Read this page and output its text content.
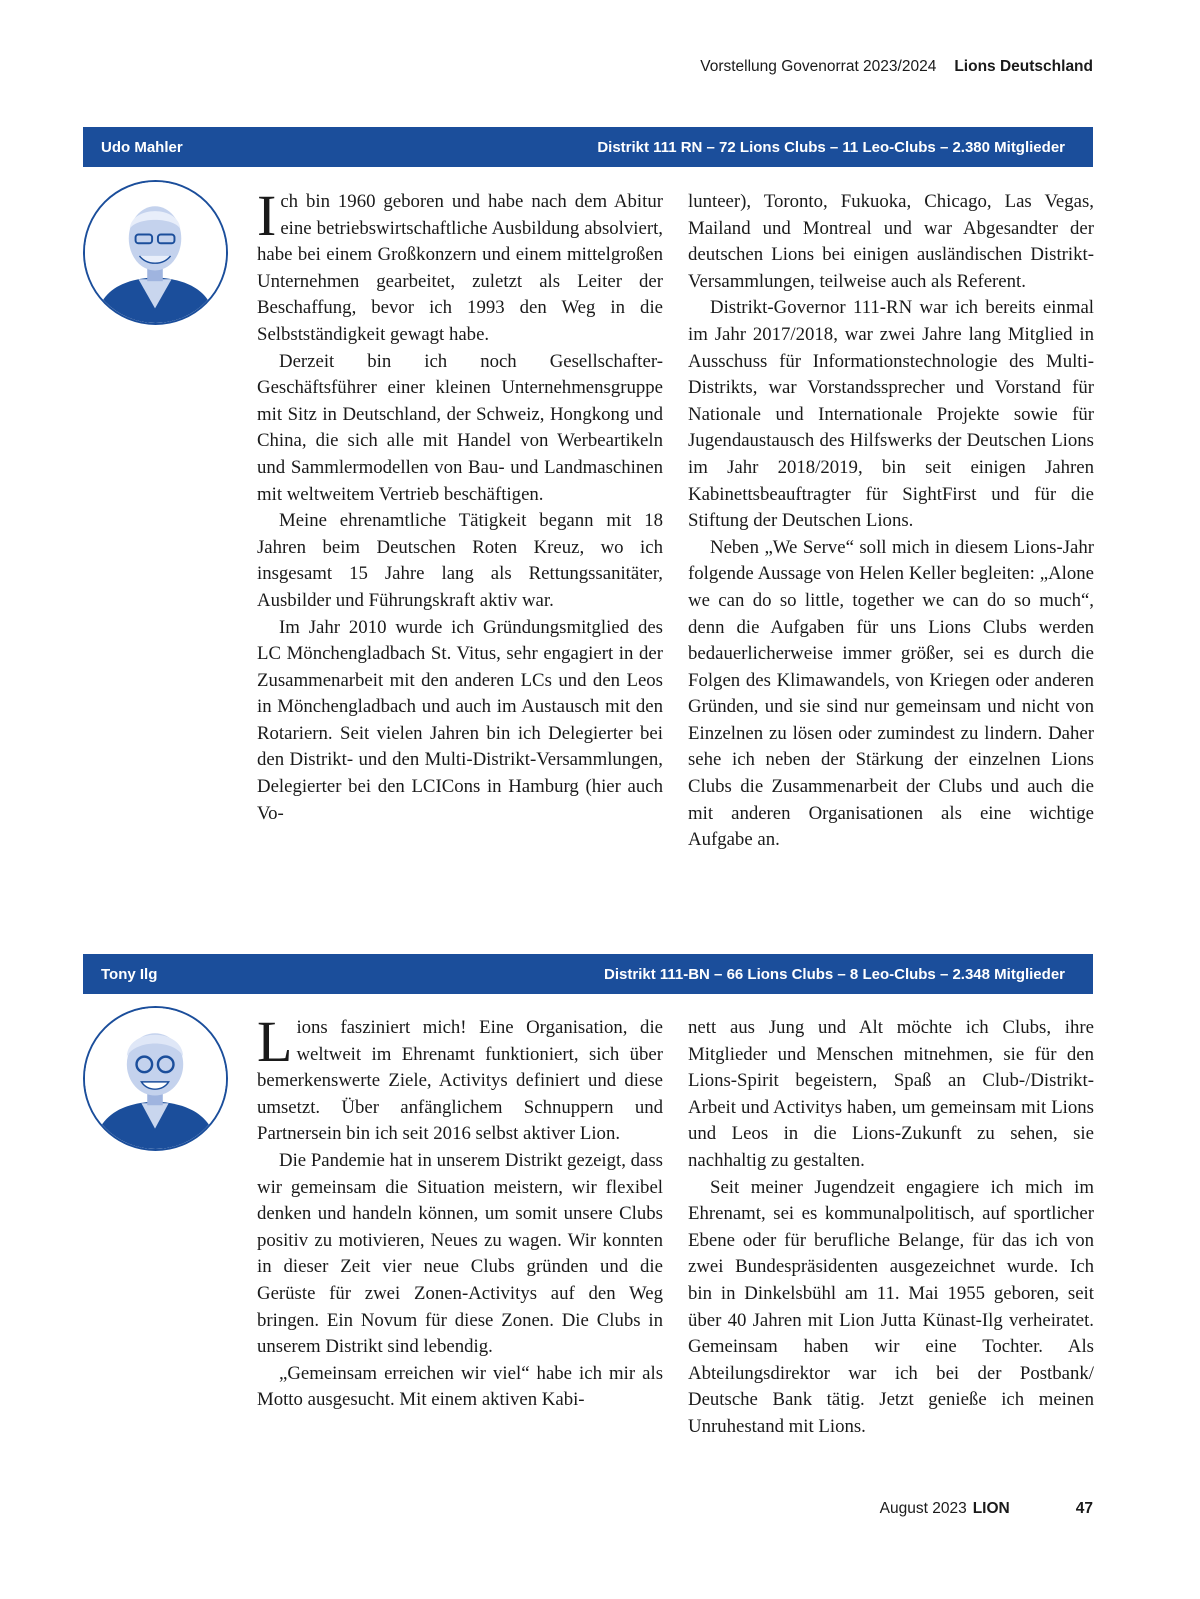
Vorstellung Govenorrat 2023/2024 Lions Deutschland
Udo Mahler	Distrikt 111 RN – 72 Lions Clubs – 11 Leo-Clubs – 2.380 Mitglieder

Ich bin 1960 geboren und habe nach dem Abitur eine betriebswirtschaftliche Ausbildung absolviert, habe bei einem Großkonzern und einem mittelgroßen Unternehmen gearbeitet, zuletzt als Leiter der Beschaffung, bevor ich 1993 den Weg in die Selbstständigkeit gewagt habe.

Derzeit bin ich noch Gesellschafter-Geschäftsführer einer kleinen Unternehmensgruppe mit Sitz in Deutschland, der Schweiz, Hongkong und China, die sich alle mit Handel von Werbeartikeln und Sammlermodellen von Bau- und Landmaschinen mit weltweitem Vertrieb beschäftigen.

Meine ehrenamtliche Tätigkeit begann mit 18 Jahren beim Deutschen Roten Kreuz, wo ich insgesamt 15 Jahre lang als Rettungssanitäter, Ausbilder und Führungskraft aktiv war.

Im Jahr 2010 wurde ich Gründungsmitglied des LC Mönchengladbach St. Vitus, sehr engagiert in der Zusammenarbeit mit den anderen LCs und den Leos in Mönchengladbach und auch im Austausch mit den Rotariern. Seit vielen Jahren bin ich Delegierter bei den Distrikt- und den Multi-Distrikt-Versammlungen, Delegierter bei den LCICons in Hamburg (hier auch Vo-

lunteer), Toronto, Fukuoka, Chicago, Las Vegas, Mailand und Montreal und war Abgesandter der deutschen Lions bei einigen ausländischen Distrikt-Versammlungen, teilweise auch als Referent.

Distrikt-Governor 111-RN war ich bereits einmal im Jahr 2017/2018, war zwei Jahre lang Mitglied in Ausschuss für Informationstechnologie des Multi-Distrikts, war Vorstandssprecher und Vorstand für Nationale und Internationale Projekte sowie für Jugendaustausch des Hilfswerks der Deutschen Lions im Jahr 2018/2019, bin seit einigen Jahren Kabinettsbeauftragter für SightFirst und für die Stiftung der Deutschen Lions.

Neben „We Serve“ soll mich in diesem Lions-Jahr folgende Aussage von Helen Keller begleiten: „Alone we can do so little, together we can do so much“, denn die Aufgaben für uns Lions Clubs werden bedauerlicherweise immer größer, sei es durch die Folgen des Klimawandels, von Kriegen oder anderen Gründen, und sie sind nur gemeinsam und nicht von Einzelnen zu lösen oder zumindest zu lindern. Daher sehe ich neben der Stärkung der einzelnen Lions Clubs die Zusammenarbeit der Clubs und auch die mit anderen Organisationen als eine wichtige Aufgabe an.

Tony Ilg	Distrikt 111-BN – 66 Lions Clubs – 8 Leo-Clubs – 2.348 Mitglieder

Lions fasziniert mich! Eine Organisation, die weltweit im Ehrenamt funktioniert, sich über bemerkenswerte Ziele, Activitys definiert und diese umsetzt. Über anfänglichem Schnuppern und Partnersein bin ich seit 2016 selbst aktiver Lion.

Die Pandemie hat in unserem Distrikt gezeigt, dass wir gemeinsam die Situation meistern, wir flexibel denken und handeln können, um somit unsere Clubs positiv zu motivieren, Neues zu wagen. Wir konnten in dieser Zeit vier neue Clubs gründen und die Gerüste für zwei Zonen-Activitys auf den Weg bringen. Ein Novum für diese Zonen. Die Clubs in unserem Distrikt sind lebendig.

„Gemeinsam erreichen wir viel“ habe ich mir als Motto ausgesucht. Mit einem aktiven Kabi-

nett aus Jung und Alt möchte ich Clubs, ihre Mitglieder und Menschen mitnehmen, sie für den Lions-Spirit begeistern, Spaß an Club-/Distrikt-Arbeit und Activitys haben, um gemeinsam mit Lions und Leos in die Lions-Zukunft zu sehen, sie nachhaltig zu gestalten.

Seit meiner Jugendzeit engagiere ich mich im Ehrenamt, sei es kommunalpolitisch, auf sportlicher Ebene oder für berufliche Belange, für das ich von zwei Bundespräsidenten ausgezeichnet wurde. Ich bin in Dinkelsbühl am 11. Mai 1955 geboren, seit über 40 Jahren mit Lion Jutta Künast-Ilg verheiratet. Gemeinsam haben wir eine Tochter. Als Abteilungsdirektor war ich bei der Postbank/ Deutsche Bank tätig. Jetzt genieße ich meinen Unruhestand mit Lions.

August 2023 LION	47
